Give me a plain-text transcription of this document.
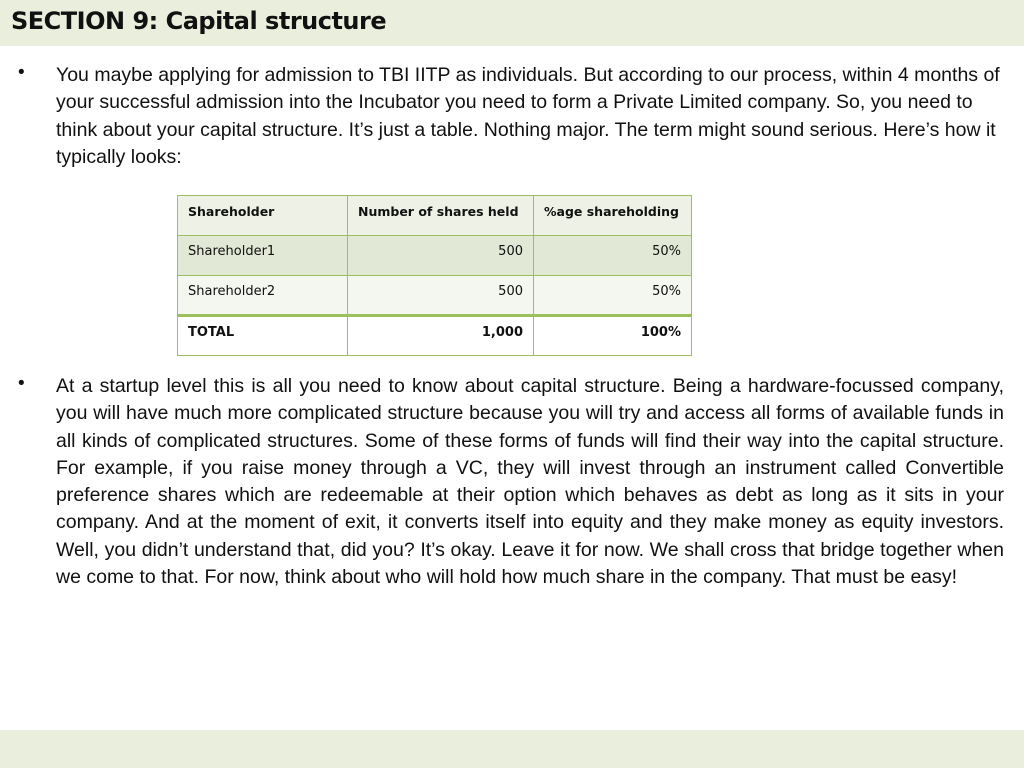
SECTION 9: Capital structure
• You maybe applying for admission to TBI IITP as individuals. But according to our process, within 4 months of your successful admission into the Incubator you need to form a Private Limited company. So, you need to think about your capital structure. It’s just a table. Nothing major. The term might sound serious. Here’s how it typically looks:
Shareholder	Number of shares held	%age shareholding
Shareholder1	500	50%
Shareholder2	500	50%
TOTAL	1,000	100%
• At a startup level this is all you need to know about capital structure. Being a hardware-focussed company, you will have much more complicated structure because you will try and access all forms of available funds in all kinds of complicated structures. Some of these forms of funds will find their way into the capital structure. For example, if you raise money through a VC, they will invest through an instrument called Convertible preference shares which are redeemable at their option which behaves as debt as long as it sits in your company. And at the moment of exit, it converts itself into equity and they make money as equity investors. Well, you didn’t understand that, did you? It’s okay. Leave it for now. We shall cross that bridge together when we come to that. For now, think about who will hold how much share in the company. That must be easy!
